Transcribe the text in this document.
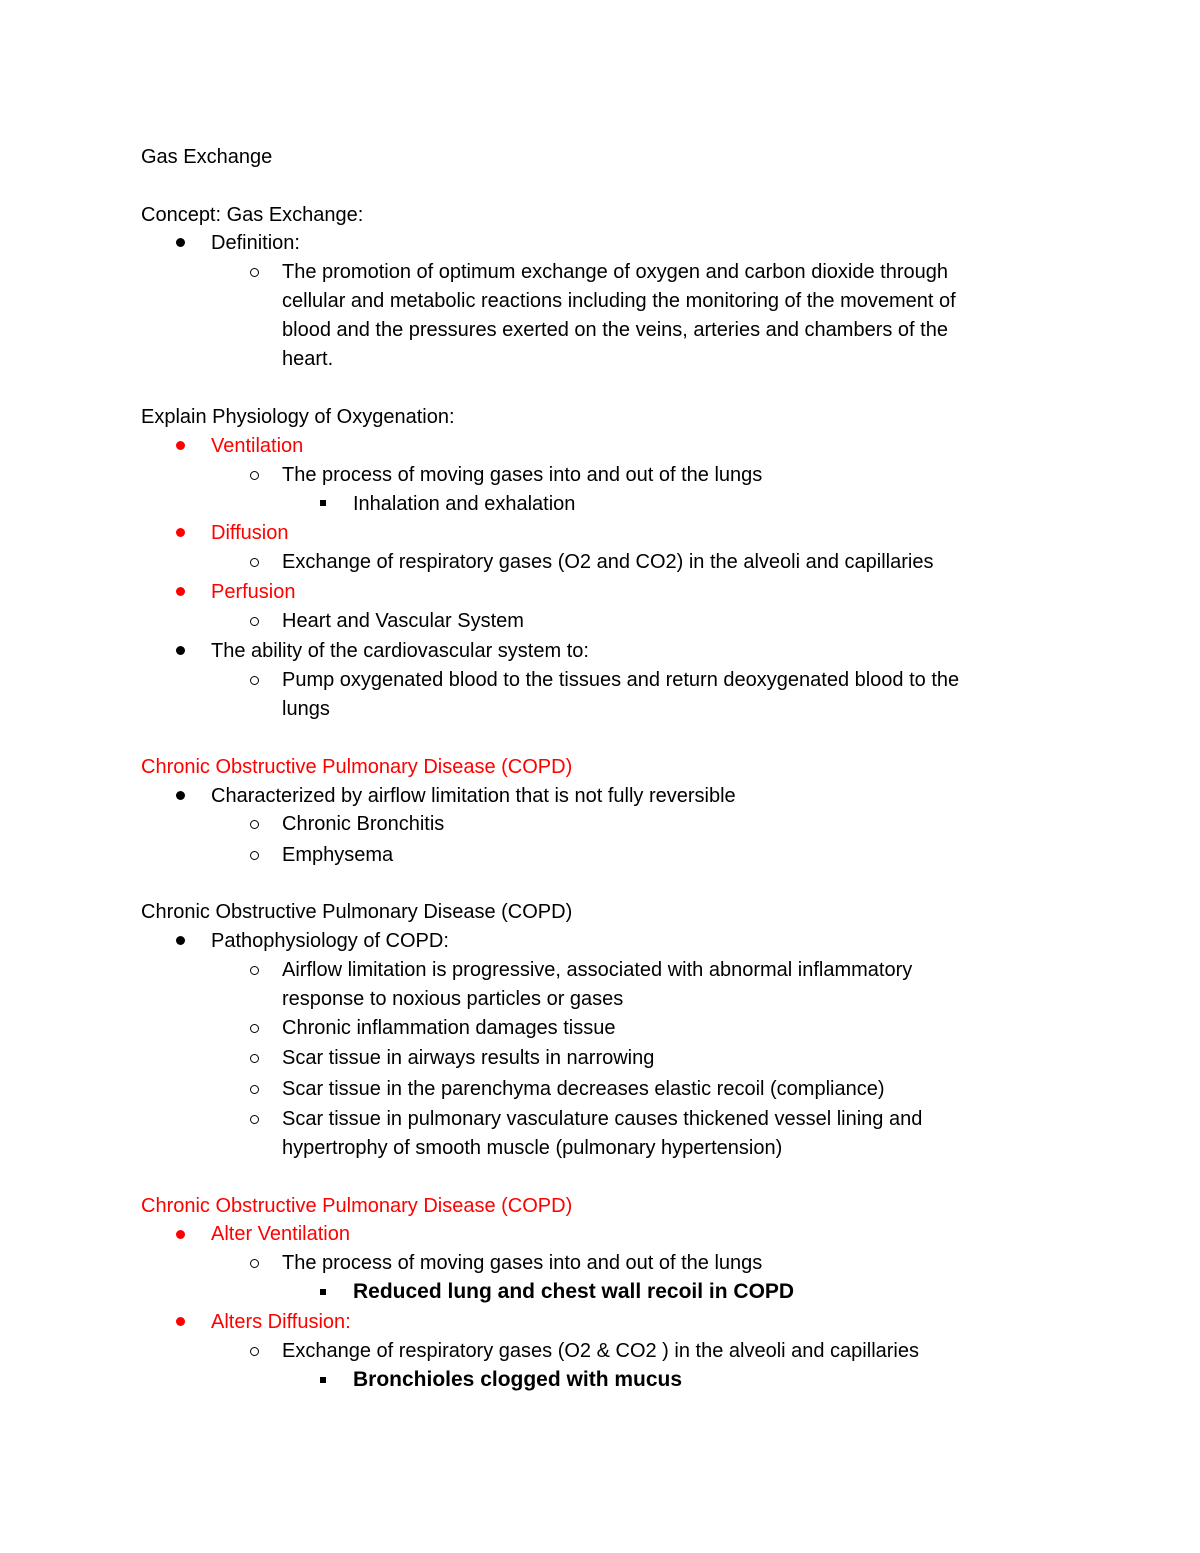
Gas Exchange
Concept: Gas Exchange:
Definition:
The promotion of optimum exchange of oxygen and carbon dioxide through
cellular and metabolic reactions including the monitoring of the movement of
blood and the pressures exerted on the veins, arteries and chambers of the
heart.
Explain Physiology of Oxygenation:
Ventilation
The process of moving gases into and out of the lungs
Inhalation and exhalation
Diffusion
Exchange of respiratory gases (O2 and CO2) in the alveoli and capillaries
Perfusion
Heart and Vascular System
The ability of the cardiovascular system to:
Pump oxygenated blood to the tissues and return deoxygenated blood to the
lungs
Chronic Obstructive Pulmonary Disease (COPD)
Characterized by airflow limitation that is not fully reversible
Chronic Bronchitis
Emphysema
Chronic Obstructive Pulmonary Disease (COPD)
Pathophysiology of COPD:
Airflow limitation is progressive, associated with abnormal inflammatory
response to noxious particles or gases
Chronic inflammation damages tissue
Scar tissue in airways results in narrowing
Scar tissue in the parenchyma decreases elastic recoil (compliance)
Scar tissue in pulmonary vasculature causes thickened vessel lining and
hypertrophy of smooth muscle (pulmonary hypertension)
Chronic Obstructive Pulmonary Disease (COPD)
Alter Ventilation
The process of moving gases into and out of the lungs
Reduced lung and chest wall recoil in COPD
Alters Diffusion:
Exchange of respiratory gases (O2 & CO2 ) in the alveoli and capillaries
Bronchioles clogged with mucus
